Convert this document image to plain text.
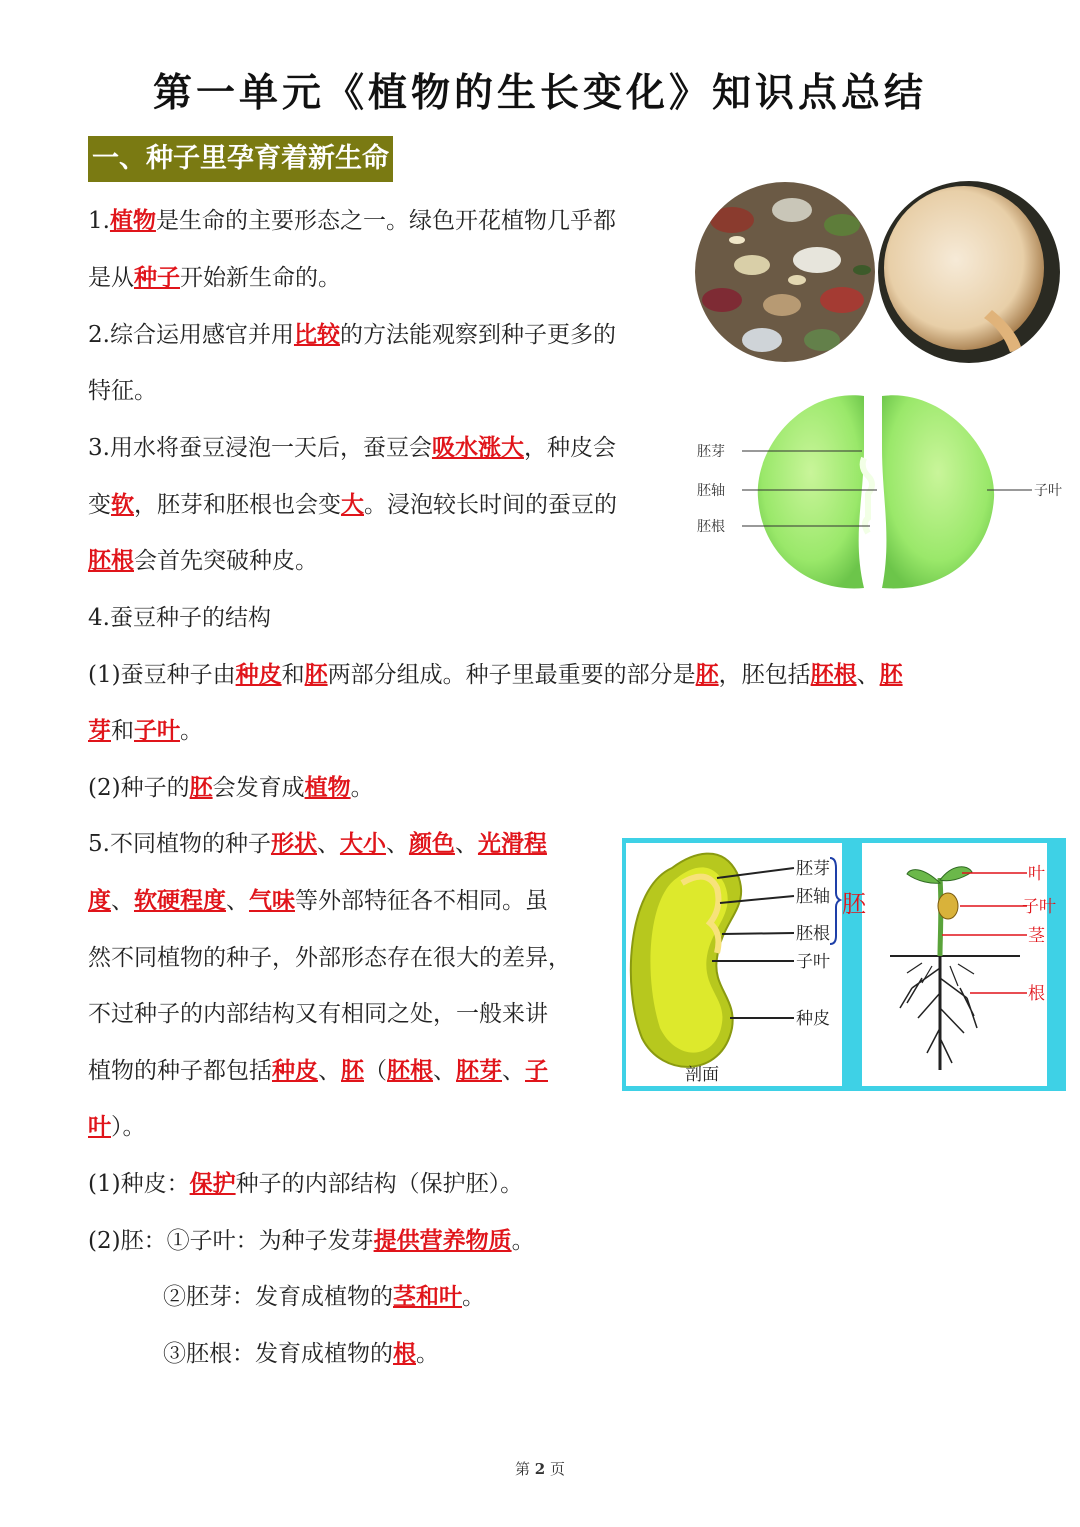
第一单元《植物的生长变化》知识点总结
一、种子里孕育着新生命
1.植物是生命的主要形态之一。绿色开花植物几乎都
是从种子开始新生命的。
2.综合运用感官并用比较的方法能观察到种子更多的
特征。
3.用水将蚕豆浸泡一天后，蚕豆会吸水涨大，种皮会
变软，胚芽和胚根也会变大。浸泡较长时间的蚕豆的
胚根会首先突破种皮。
4.蚕豆种子的结构
(1)蚕豆种子由种皮和胚两部分组成。种子里最重要的部分是胚，胚包括胚根、胚
芽和子叶。
(2)种子的胚会发育成植物。
5.不同植物的种子形状、大小、颜色、光滑程
度、软硬程度、气味等外部特征各不相同。虽
然不同植物的种子，外部形态存在很大的差异，
不过种子的内部结构又有相同之处，一般来讲
植物的种子都包括种皮、胚（胚根、胚芽、子
叶）。
(1)种皮：保护种子的内部结构（保护胚）。
(2)胚：①子叶：为种子发芽提供营养物质。
②胚芽：发育成植物的茎和叶。
③胚根：发育成植物的根。
胚芽
胚轴
胚根
子叶
胚芽
胚轴
胚根
子叶
种皮
胚
剖面
叶
子叶
茎
根
第 2 页
